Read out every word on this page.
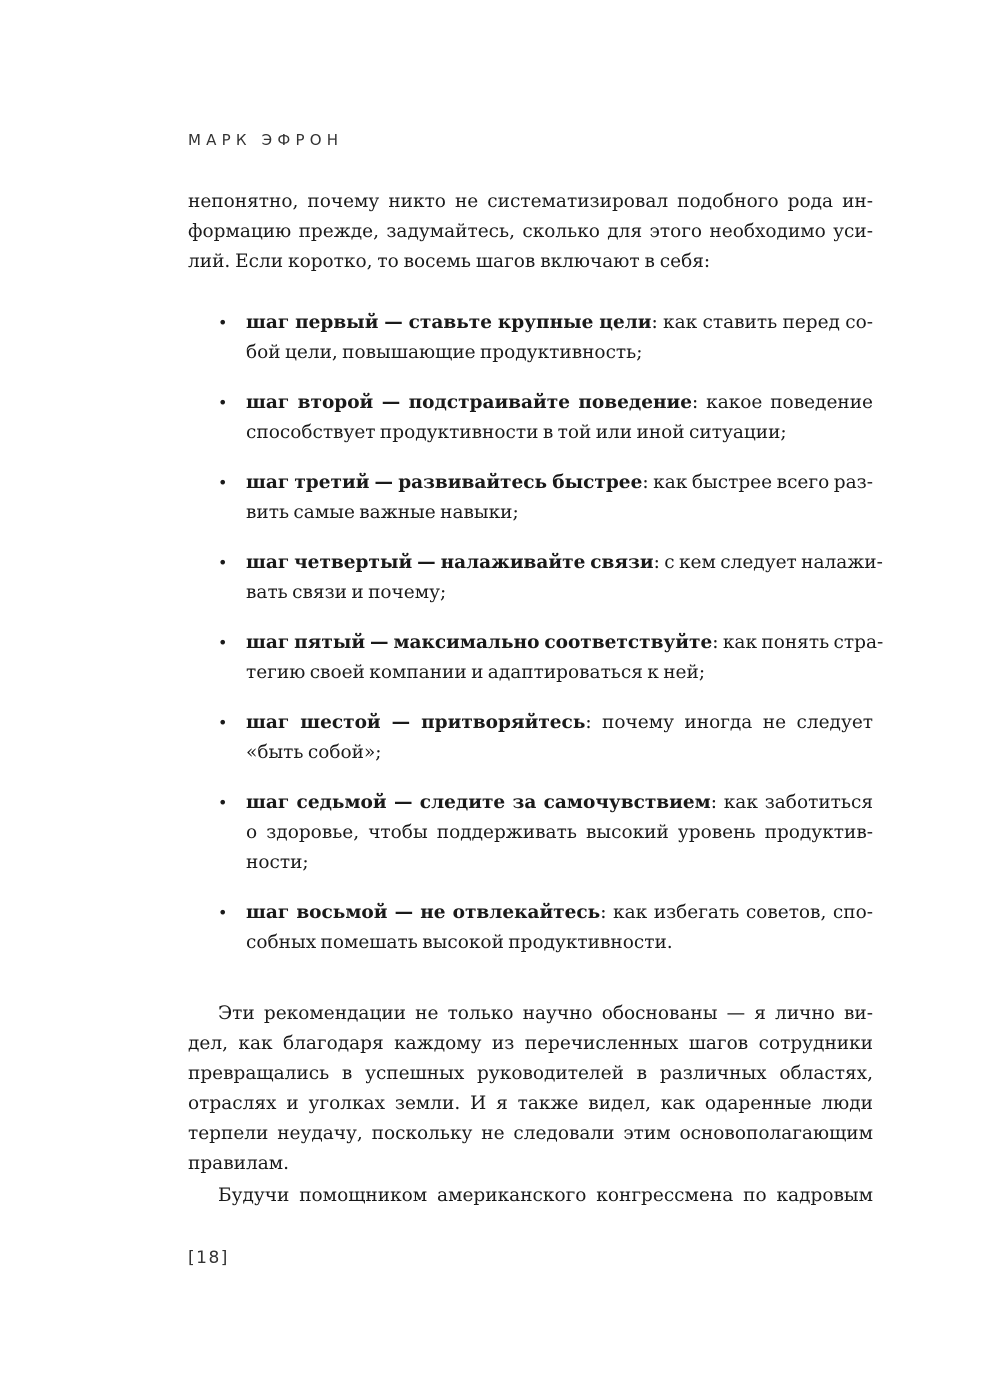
МАРК ЭФРОН

непонятно, почему никто не систематизировал подобного рода ин-
формацию прежде, задумайтесь, сколько для этого необходимо уси-
лий. Если коротко, то восемь шагов включают в себя:

• шаг первый — ставьте крупные цели: как ставить перед со-
бой цели, повышающие продуктивность;
• шаг второй — подстраивайте поведение: какое поведение
способствует продуктивности в той или иной ситуации;
• шаг третий — развивайтесь быстрее: как быстрее всего раз-
вить самые важные навыки;
• шаг четвертый — налаживайте связи: с кем следует налажи-
вать связи и почему;
• шаг пятый — максимально соответствуйте: как понять стра-
тегию своей компании и адаптироваться к ней;
• шаг шестой — притворяйтесь: почему иногда не следует
«быть собой»;
• шаг седьмой — следите за самочувствием: как заботиться
о здоровье, чтобы поддерживать высокий уровень продуктив-
ности;
• шаг восьмой — не отвлекайтесь: как избегать советов, спо-
собных помешать высокой продуктивности.

Эти рекомендации не только научно обоснованы — я лично ви-
дел, как благодаря каждому из перечисленных шагов сотрудники
превращались в успешных руководителей в различных областях,
отраслях и уголках земли. И я также видел, как одаренные люди
терпели неудачу, поскольку не следовали этим основополагающим
правилам.

Будучи помощником американского конгрессмена по кадровым

[18]
